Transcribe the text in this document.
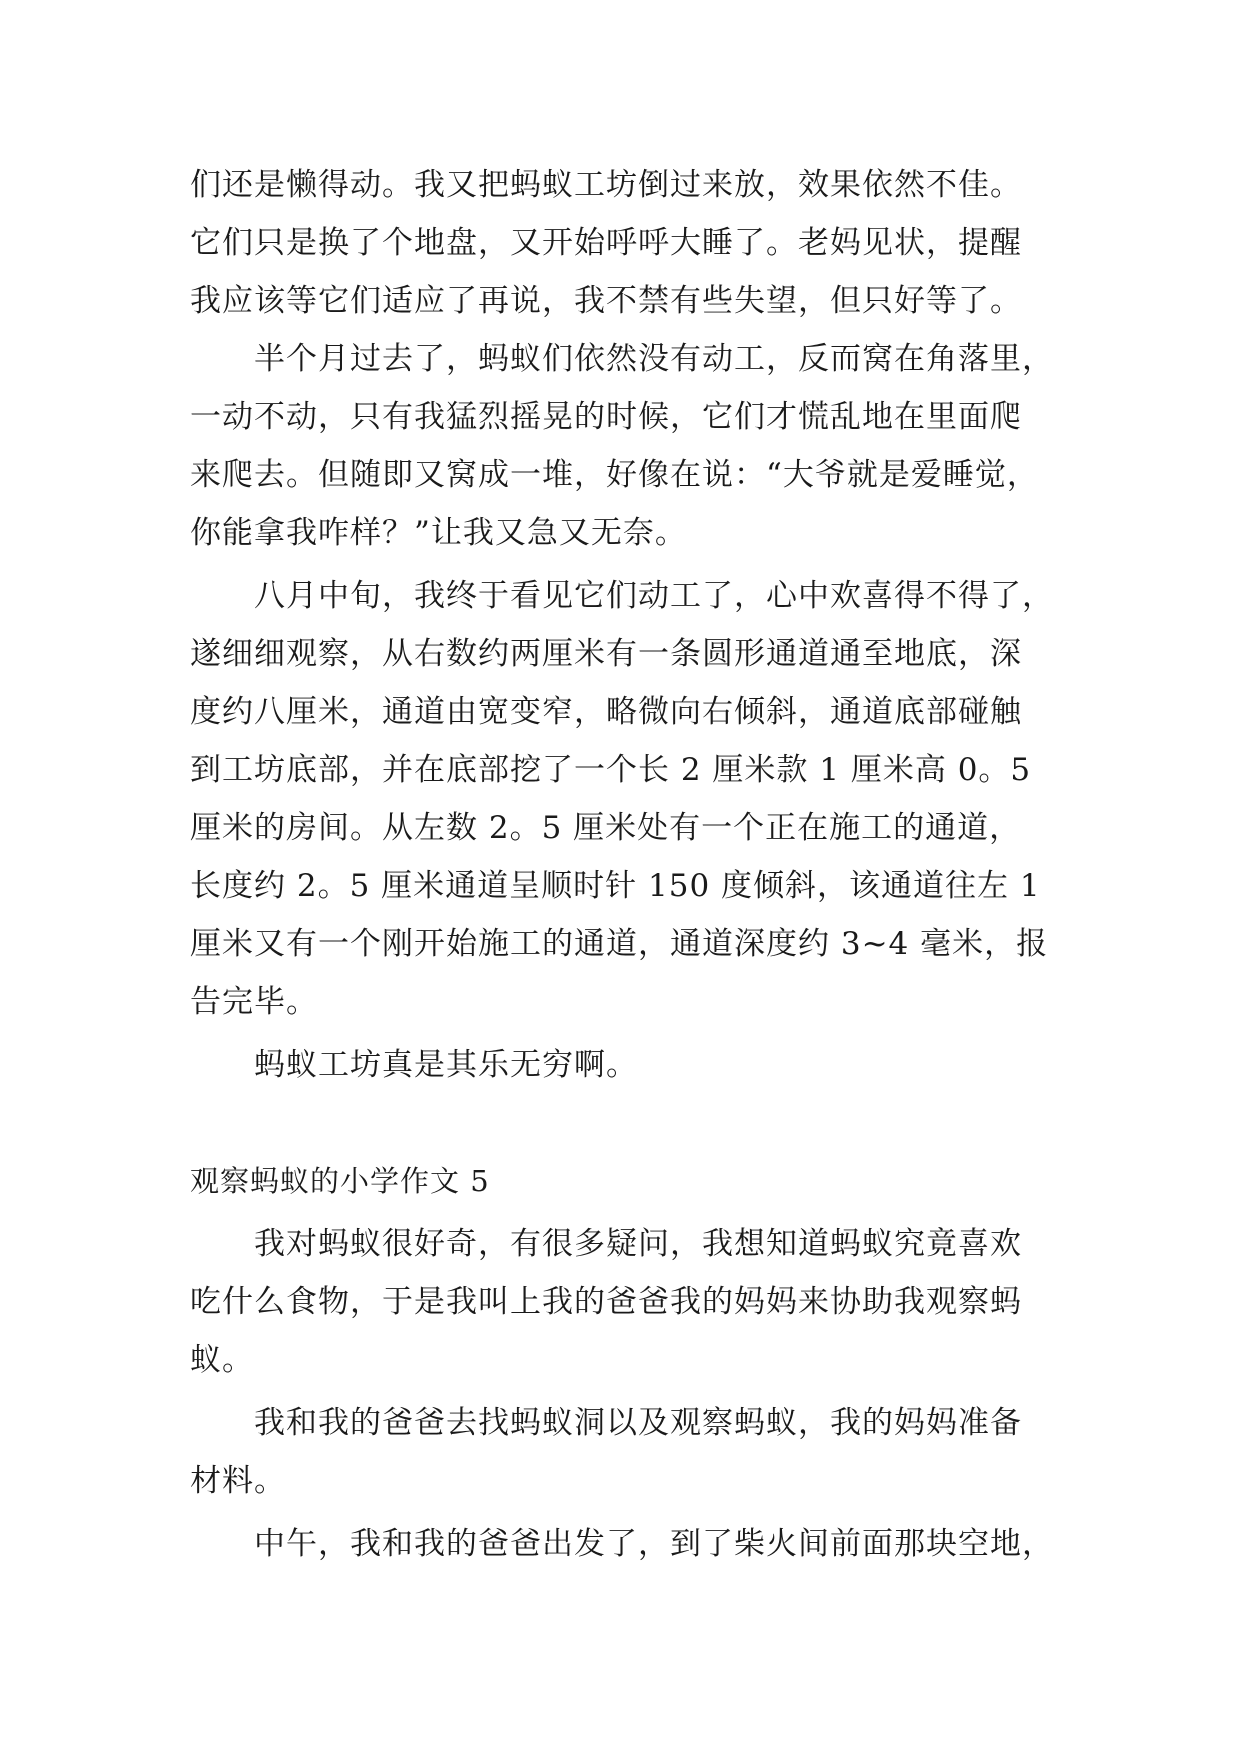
们还是懒得动。我又把蚂蚁工坊倒过来放，效果依然不佳。
它们只是换了个地盘，又开始呼呼大睡了。老妈见状，提醒
我应该等它们适应了再说，我不禁有些失望，但只好等了。
半个月过去了，蚂蚁们依然没有动工，反而窝在角落里，
一动不动，只有我猛烈摇晃的时候，它们才慌乱地在里面爬
来爬去。但随即又窝成一堆，好像在说：“大爷就是爱睡觉，
你能拿我咋样？”让我又急又无奈。
八月中旬，我终于看见它们动工了，心中欢喜得不得了，
遂细细观察，从右数约两厘米有一条圆形通道通至地底，深
度约八厘米，通道由宽变窄，略微向右倾斜，通道底部碰触
到工坊底部，并在底部挖了一个长 2 厘米款 1 厘米高 0。5
厘米的房间。从左数 2。5 厘米处有一个正在施工的通道，
长度约 2。5 厘米通道呈顺时针 150 度倾斜，该通道往左 1
厘米又有一个刚开始施工的通道，通道深度约 3~4 毫米，报
告完毕。
蚂蚁工坊真是其乐无穷啊。
观察蚂蚁的小学作文 5
我对蚂蚁很好奇，有很多疑问，我想知道蚂蚁究竟喜欢
吃什么食物，于是我叫上我的爸爸我的妈妈来协助我观察蚂
蚁。
我和我的爸爸去找蚂蚁洞以及观察蚂蚁，我的妈妈准备
材料。
中午，我和我的爸爸出发了，到了柴火间前面那块空地，
